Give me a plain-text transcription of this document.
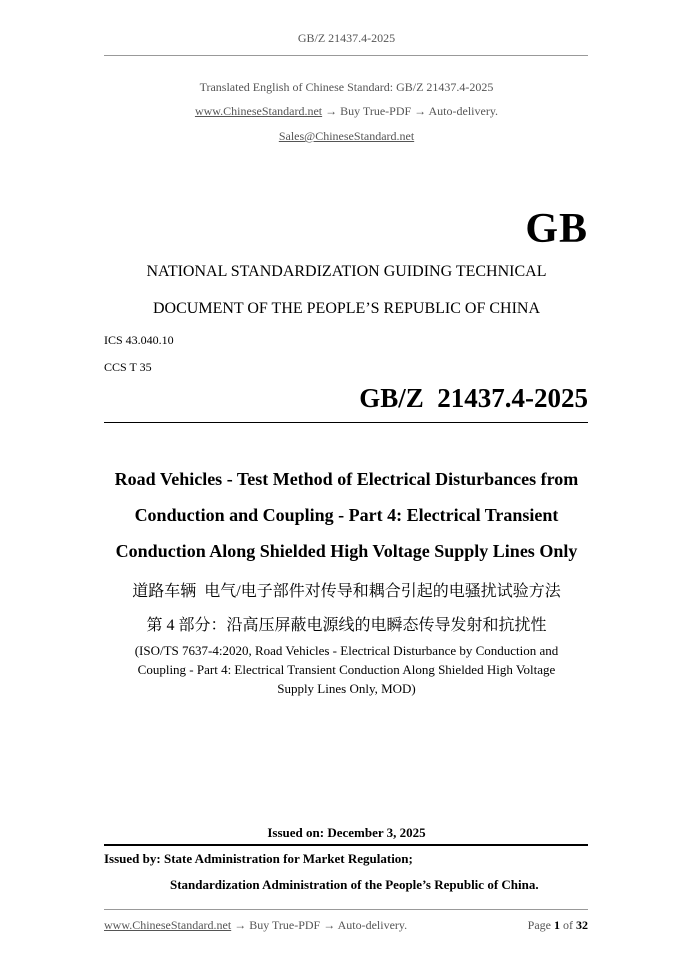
GB/Z 21437.4-2025
Translated English of Chinese Standard: GB/Z 21437.4-2025
www.ChineseStandard.net → Buy True-PDF → Auto-delivery.
Sales@ChineseStandard.net
GB
NATIONAL STANDARDIZATION GUIDING TECHNICAL
DOCUMENT OF THE PEOPLE’S REPUBLIC OF CHINA
ICS 43.040.10
CCS T 35
GB/Z  21437.4-2025
Road Vehicles - Test Method of Electrical Disturbances from
Conduction and Coupling - Part 4: Electrical Transient
Conduction Along Shielded High Voltage Supply Lines Only
道路车辆  电气/电子部件对传导和耦合引起的电骚扰试验方法
第 4 部分：沿高压屏蔽电源线的电瞬态传导发射和抗扰性
(ISO/TS 7637-4:2020, Road Vehicles - Electrical Disturbance by Conduction and
Coupling - Part 4: Electrical Transient Conduction Along Shielded High Voltage
Supply Lines Only, MOD)
Issued on: December 3, 2025
Issued by: State Administration for Market Regulation;
Standardization Administration of the People’s Republic of China.
www.ChineseStandard.net → Buy True-PDF → Auto-delivery.	Page 1 of 32
